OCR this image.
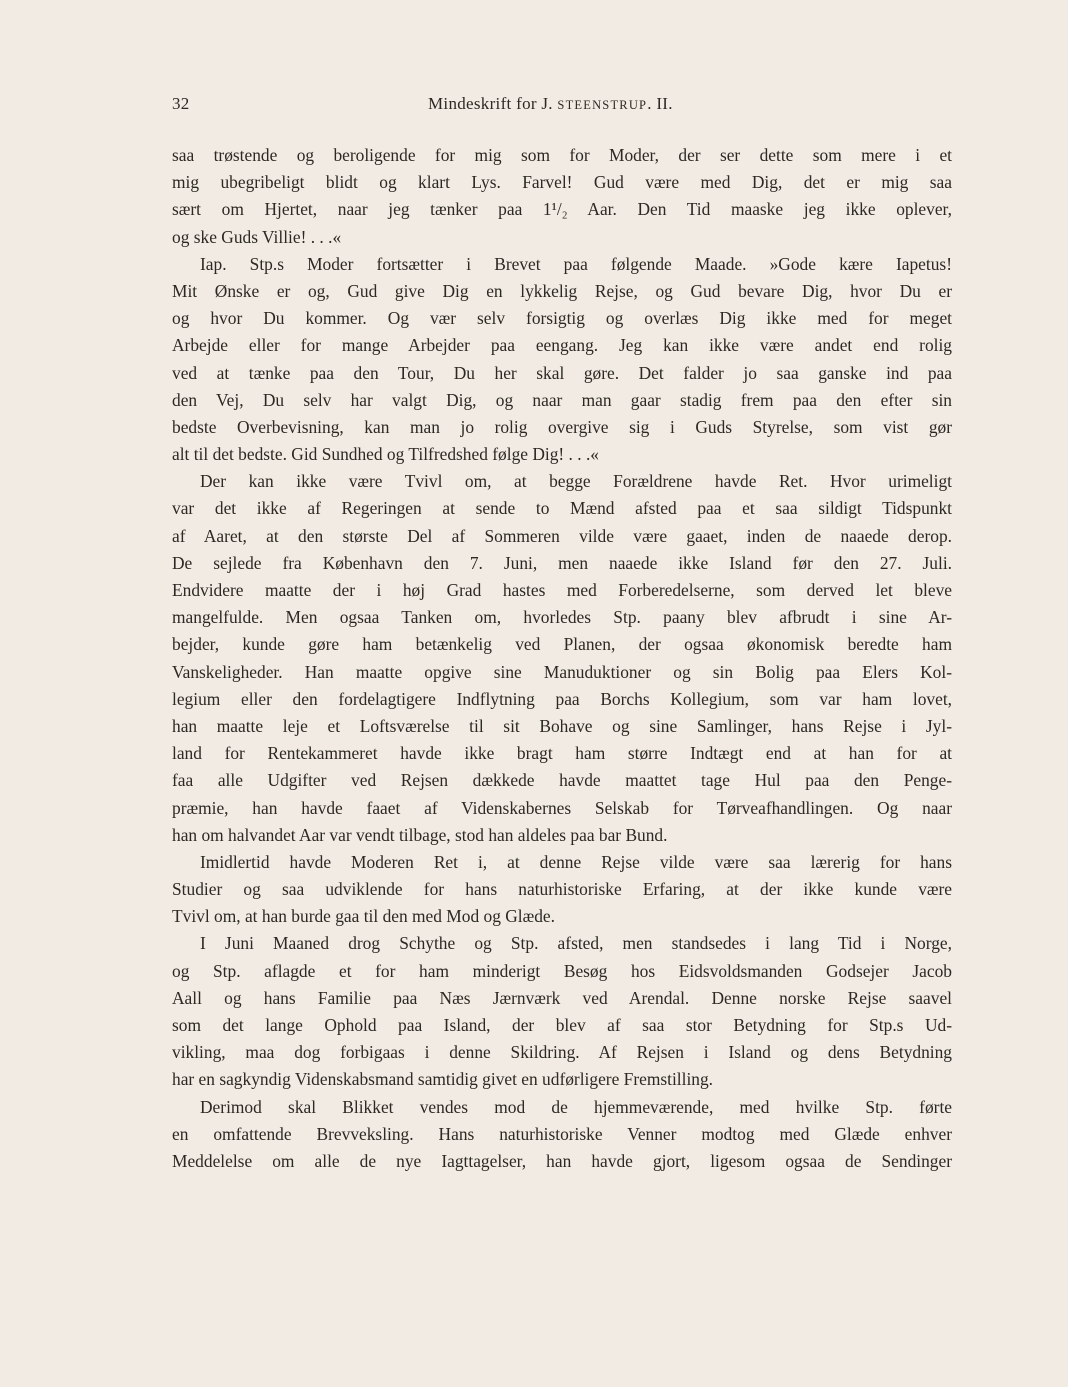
32	Mindeskrift for J. STEENSTRUP. II.
saa trøstende og beroligende for mig som for Moder, der ser dette som mere i et
mig ubegribeligt blidt og klart Lys. Farvel! Gud være med Dig, det er mig saa
sært om Hjertet, naar jeg tænker paa 1¹/₂ Aar. Den Tid maaske jeg ikke oplever,
og ske Guds Villie! . . .«
Iap. Stp.s Moder fortsætter i Brevet paa følgende Maade. »Gode kære Iapetus!
Mit Ønske er og, Gud give Dig en lykkelig Rejse, og Gud bevare Dig, hvor Du er
og hvor Du kommer. Og vær selv forsigtig og overlæs Dig ikke med for meget
Arbejde eller for mange Arbejder paa eengang. Jeg kan ikke være andet end rolig
ved at tænke paa den Tour, Du her skal gøre. Det falder jo saa ganske ind paa
den Vej, Du selv har valgt Dig, og naar man gaar stadig frem paa den efter sin
bedste Overbevisning, kan man jo rolig overgive sig i Guds Styrelse, som vist gør
alt til det bedste. Gid Sundhed og Tilfredshed følge Dig! . . .«
Der kan ikke være Tvivl om, at begge Forældrene havde Ret. Hvor urimeligt
var det ikke af Regeringen at sende to Mænd afsted paa et saa sildigt Tidspunkt
af Aaret, at den største Del af Sommeren vilde være gaaet, inden de naaede derop.
De sejlede fra København den 7. Juni, men naaede ikke Island før den 27. Juli.
Endvidere maatte der i høj Grad hastes med Forberedelserne, som derved let bleve
mangelfulde. Men ogsaa Tanken om, hvorledes Stp. paany blev afbrudt i sine Ar-
bejder, kunde gøre ham betænkelig ved Planen, der ogsaa økonomisk beredte ham
Vanskeligheder. Han maatte opgive sine Manuduktioner og sin Bolig paa Elers Kol-
legium eller den fordelagtigere Indflytning paa Borchs Kollegium, som var ham lovet,
han maatte leje et Loftsværelse til sit Bohave og sine Samlinger, hans Rejse i Jyl-
land for Rentekammeret havde ikke bragt ham større Indtægt end at han for at
faa alle Udgifter ved Rejsen dækkede havde maattet tage Hul paa den Penge-
præmie, han havde faaet af Videnskabernes Selskab for Tørveafhandlingen. Og naar
han om halvandet Aar var vendt tilbage, stod han aldeles paa bar Bund.
Imidlertid havde Moderen Ret i, at denne Rejse vilde være saa lærerig for hans
Studier og saa udviklende for hans naturhistoriske Erfaring, at der ikke kunde være
Tvivl om, at han burde gaa til den med Mod og Glæde.
I Juni Maaned drog Schythe og Stp. afsted, men standsedes i lang Tid i Norge,
og Stp. aflagde et for ham minderigt Besøg hos Eidsvoldsmanden Godsejer Jacob
Aall og hans Familie paa Næs Jærnværk ved Arendal. Denne norske Rejse saavel
som det lange Ophold paa Island, der blev af saa stor Betydning for Stp.s Ud-
vikling, maa dog forbigaas i denne Skildring. Af Rejsen i Island og dens Betydning
har en sagkyndig Videnskabsmand samtidig givet en udførligere Fremstilling.
Derimod skal Blikket vendes mod de hjemmeværende, med hvilke Stp. førte
en omfattende Brevveksling. Hans naturhistoriske Venner modtog med Glæde enhver
Meddelelse om alle de nye Iagttagelser, han havde gjort, ligesom ogsaa de Sendinger
